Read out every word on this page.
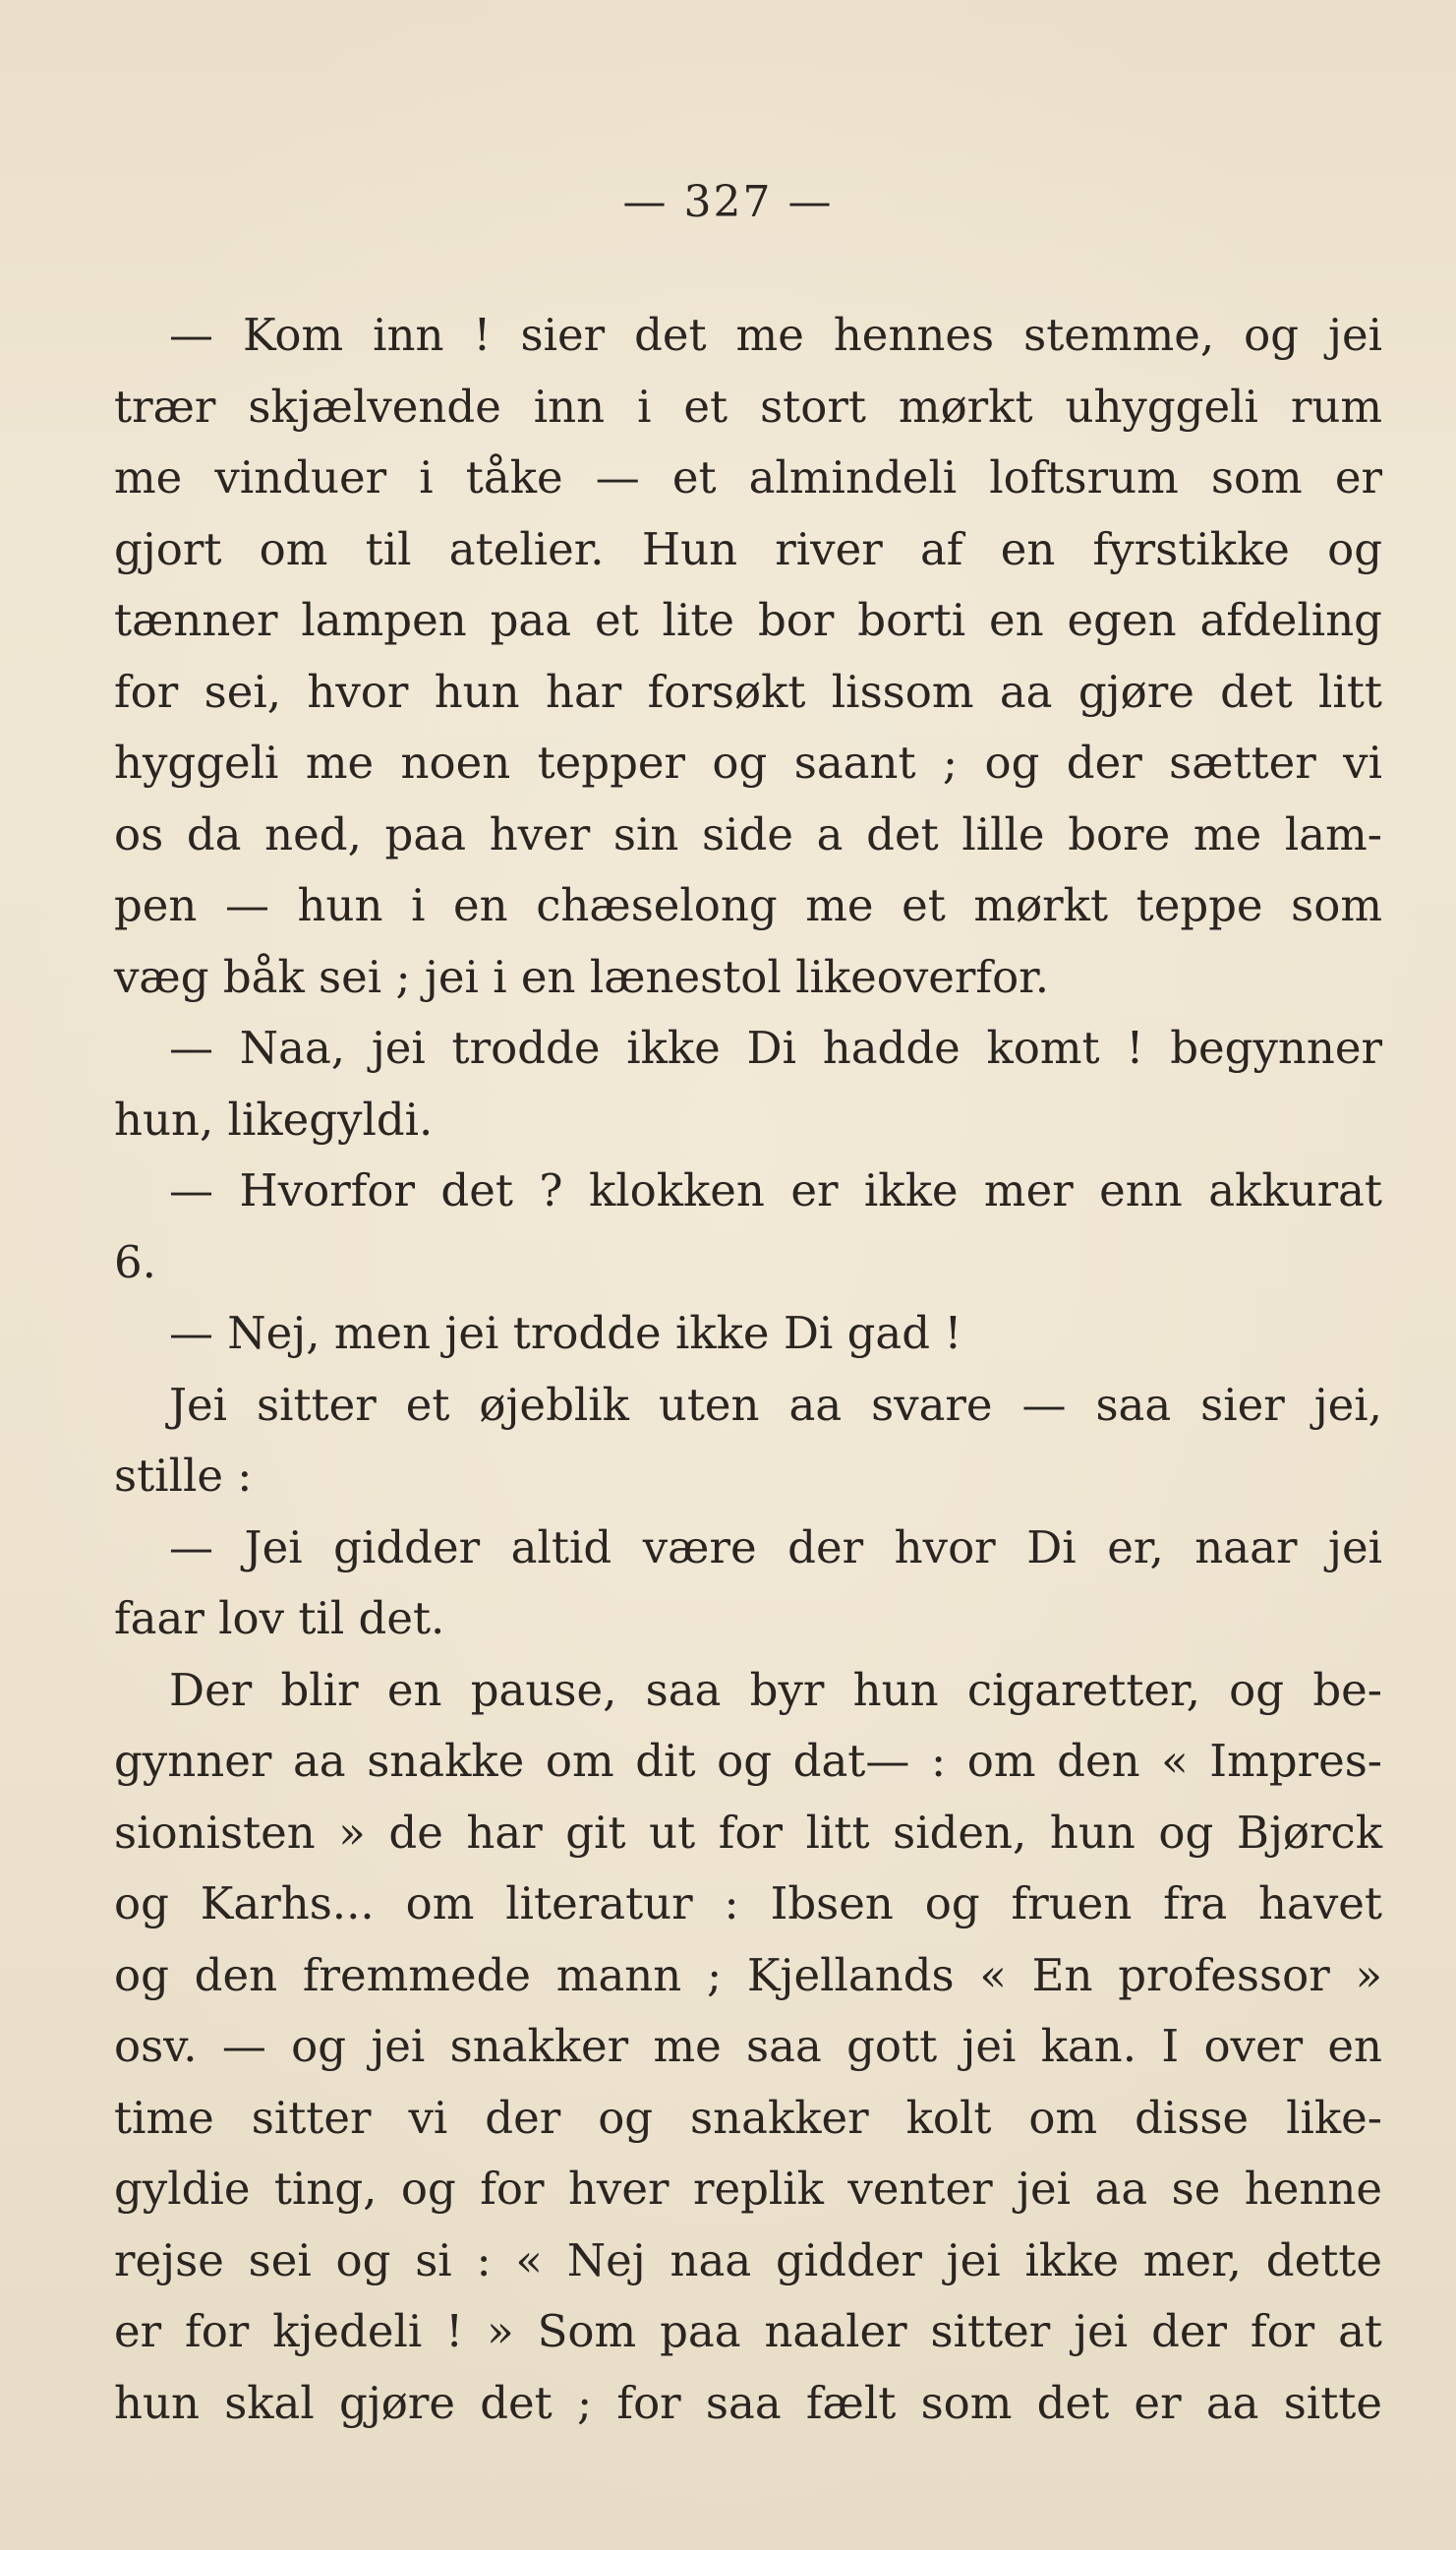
— 327 —
— Kom inn ! sier det me hennes stemme, og jei
trær skjælvende inn i et stort mørkt uhyggeli rum
me vinduer i tåke — et almindeli loftsrum som er
gjort om til atelier. Hun river af en fyrstikke og
tænner lampen paa et lite bor borti en egen afdeling
for sei, hvor hun har forsøkt lissom aa gjøre det litt
hyggeli me noen tepper og saant ; og der sætter vi
os da ned, paa hver sin side a det lille bore me lam-
pen — hun i en chæselong me et mørkt teppe som
væg båk sei ; jei i en lænestol likeoverfor.
— Naa, jei trodde ikke Di hadde komt ! begynner
hun, likegyldi.
— Hvorfor det ? klokken er ikke mer enn akkurat
6.
— Nej, men jei trodde ikke Di gad !
Jei sitter et øjeblik uten aa svare — saa sier jei,
stille :
— Jei gidder altid være der hvor Di er, naar jei
faar lov til det.
Der blir en pause, saa byr hun cigaretter, og be-
gynner aa snakke om dit og dat— : om den « Impres-
sionisten » de har git ut for litt siden, hun og Bjørck
og Karhs... om literatur : Ibsen og fruen fra havet
og den fremmede mann ; Kjellands « En professor »
osv. — og jei snakker me saa gott jei kan. I over en
time sitter vi der og snakker kolt om disse like-
gyldie ting, og for hver replik venter jei aa se henne
rejse sei og si : « Nej naa gidder jei ikke mer, dette
er for kjedeli ! » Som paa naaler sitter jei der for at
hun skal gjøre det ; for saa fælt som det er aa sitte
